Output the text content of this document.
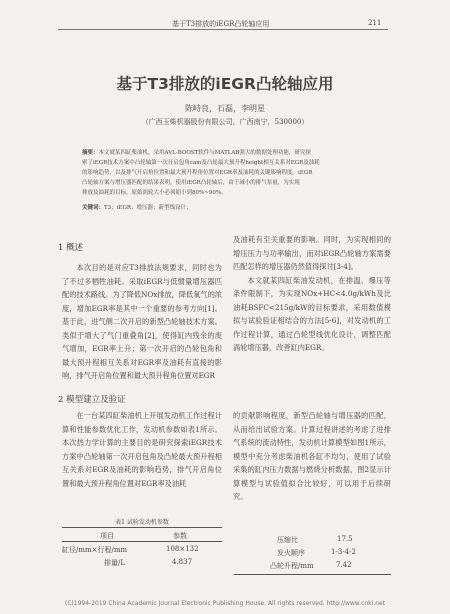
基于T3排放的iEGR凸轮轴应用	211
基于T3排放的iEGR凸轮轴应用
陈峙良，石磊，李明星
（广西玉柴机器股份有限公司，广西南宁，530000）
摘要：本文就某四缸柴油机，采用AVL-BOOST软件与MATLAB强大的数据处理功能，研究探
索了iEGR技术方案中凸轮轴第一次开启包角cam及凸轮最大预升程height相互关系对EGR及油耗
的影响趋势，以及排气开启角位置和最大预升程角位置对EGR率及油耗的关键影响程度。iEGR
凸轮轴方案与增压器匹配的结果表明，使用iEGR凸轮轴后，由于减小的排气泵量，为实现
排放及油耗的目标，原始涡轮大小必须缩小到80%~90%。
关键词：T3；iEGR；增压器；新型线设计；
1 概述

本次目的是对应T3排放法规要求，同时也为了不过多牺牲油耗。采取iEGR与低惯量增压器匹配的技术路线。为了降低NOx排放，降低氧气的浓度，增加EGR率是其中一个重要的参考方向[1]。基于此，进气侧二次开启的新型凸轮轴技术方案。类似于增大了气门重叠角[2]，使得缸内残余的废气增加，EGR率上升；第一次开启的凸轮包角和最大预升程相互关系对EGR率及油耗有直接的影响，排气开启角位置和最大预升程角位置对EGR

及油耗有至关重要的影响。同时，为实现相同的增压压力与功率输出，而对iEGR凸轮轴方案需要匹配怎样的增压器仍然值得探讨[3-4]。

本文就某四缸柴油发动机，在排温、爆压等条件限制下，为实现NOx+HC<4.0g/kWh及比油耗BSFC<215g/kW的目标要求，采用数值模拟与试验验证相结合的方法[5-6]，对发动机的工作过程计算，通过凸轮型线优化设计，调整匹配涡轮增压器，改善缸内EGR。

2 模型建立及验证

在一台某四缸柴油机上开展发动机工作过程计算和性能参数优化工作，发动机参数如表1所示。本次热力学计算的主要目的是研究探索iEGR技术方案中凸轮轴第一次开启包角及凸轮最大预升程相互关系对EGR及油耗的影响趋势，排气开启角位置和最大预升程角位置对EGR率及油耗

的贡献影响程度，新型凸轮轴与增压器的匹配，从而给出试验方案。计算过程讲述的考虑了进排气系统的流动特性，发动机计算模型如图1所示，模型中充分考虑柴油机各缸不均匀，使用了试验采集的缸内压力数据与燃烧分析数据，图2显示计算模型与试验值拟合比较好，可以用于后续研究。

表1 试验发动机参数
项目	参数
缸径/mm×行程/mm	108×132
排量/L	4.837
压缩比	17.5
发火顺序	1-3-4-2
凸轮升程/mm	7.42
(C)1994-2019 China Academic Journal Electronic Publishing House. All rights reserved. http://www.cnki.net
